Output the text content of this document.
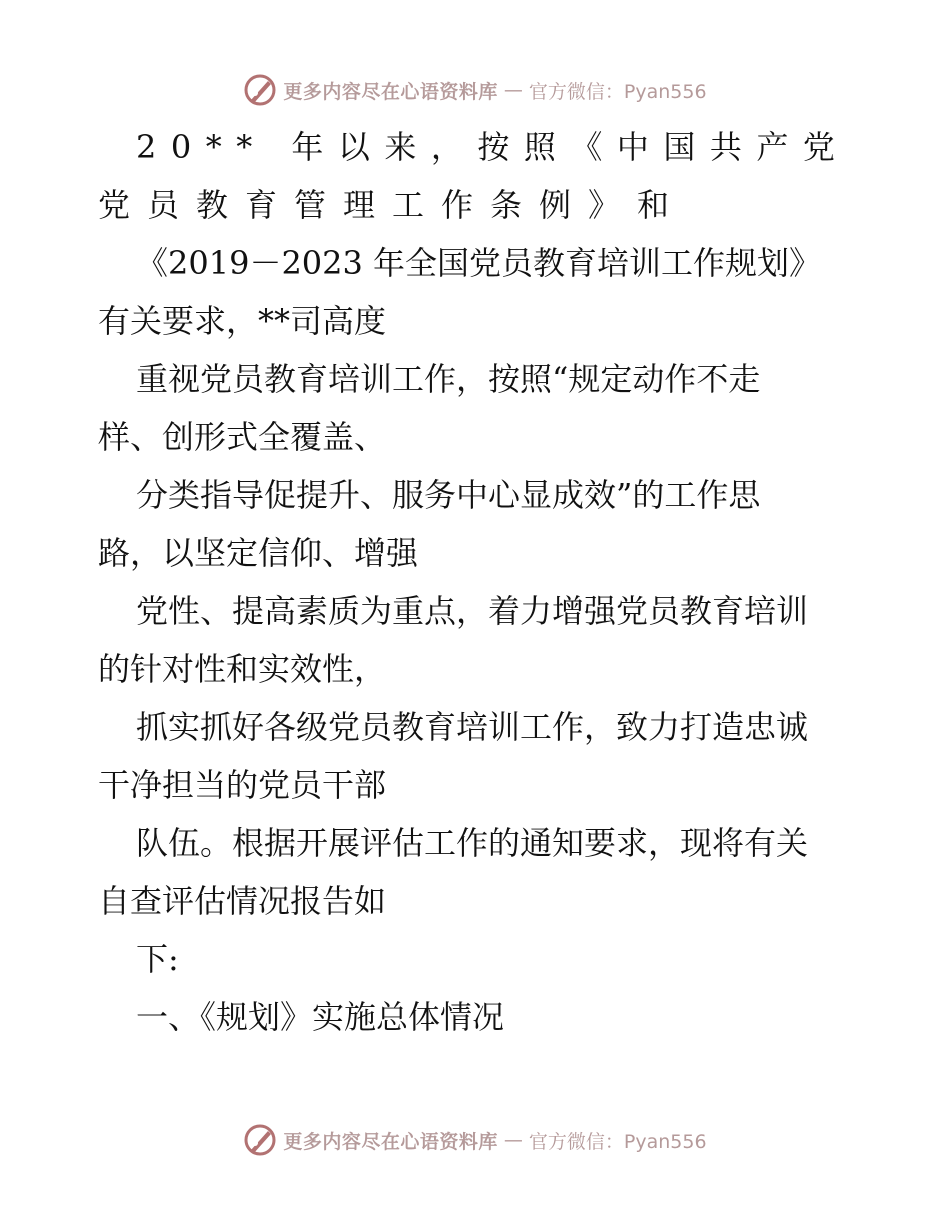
更多内容尽在心语资料库 — 官方微信：Pyan556
20** 年以来，按照《中国共产党
党员教育管理工作条例》和
《2019－2023 年全国党员教育培训工作规划》
有关要求，**司高度
重视党员教育培训工作，按照“规定动作不走
样、创形式全覆盖、
分类指导促提升、服务中心显成效”的工作思
路，以坚定信仰、增强
党性、提高素质为重点，着力增强党员教育培训
的针对性和实效性，
抓实抓好各级党员教育培训工作，致力打造忠诚
干净担当的党员干部
队伍。根据开展评估工作的通知要求，现将有关
自查评估情况报告如
下:
一、《规划》实施总体情况
更多内容尽在心语资料库 — 官方微信：Pyan556
